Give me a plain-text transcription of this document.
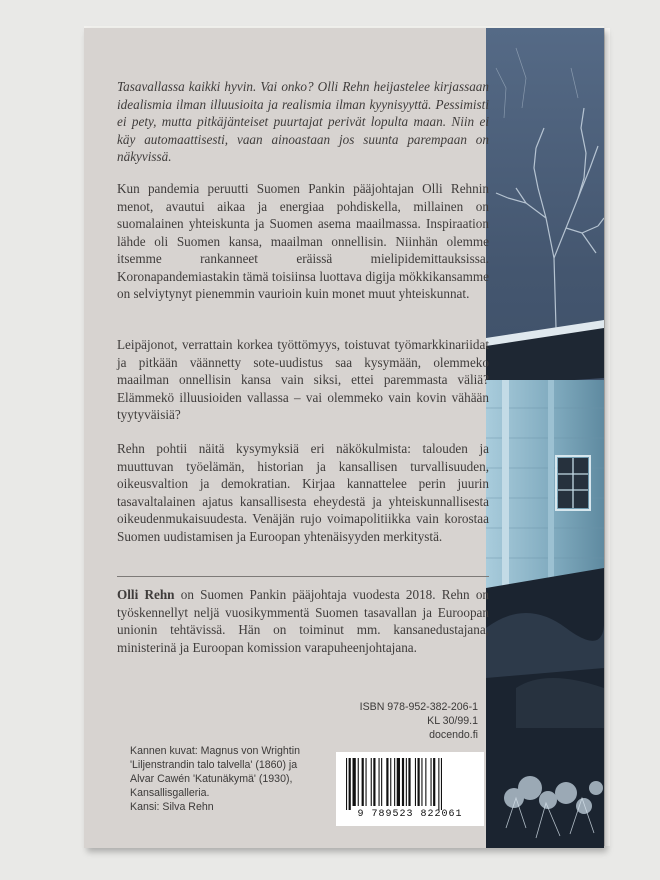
Tasavallassa kaikki hyvin. Vai onko? Olli Rehn heijastelee kirjassaan idealismia ilman illuusioita ja realismia ilman kyynisyyttä. Pessimisti ei pety, mutta pitkäjänteiset puurtajat perivät lopulta maan. Niin ei käy automaattisesti, vaan ainoastaan jos suunta parempaan on näkyvissä.
Kun pandemia peruutti Suomen Pankin pääjohtajan Olli Rehnin menot, avautui aikaa ja energiaa pohdiskella, millainen on suomalainen yhteiskunta ja Suomen asema maailmassa. Inspiraation lähde oli Suomen kansa, maailman onnellisin. Niinhän olemme itsemme rankanneet eräissä mielipidemittauksissa. Koronapandemiastakin tämä toisiinsa luottava digija mökkikansamme on selviytynyt pienemmin vaurioin kuin monet muut yhteiskunnat.
Leipäjonot, verrattain korkea työttömyys, toistuvat työmarkkinariidat ja pitkään väännetty sote-uudistus saa kysymään, olemmeko maailman onnellisin kansa vain siksi, ettei paremmasta väliä? Elämmekö illuusioiden vallassa – vai olemmeko vain kovin vähään tyytyväisiä?
Rehn pohtii näitä kysymyksiä eri näkökulmista: talouden ja muuttuvan työelämän, historian ja kansallisen turvallisuuden, oikeusvaltion ja demokratian. Kirjaa kannattelee perin juurin tasavaltalainen ajatus kansallisesta eheydestä ja yhteiskunnallisesta oikeudenmukaisuudesta. Venäjän rujo voimapolitiikka vain korostaa Suomen uudistamisen ja Euroopan yhtenäisyyden merkitystä.
Olli Rehn on Suomen Pankin pääjohtaja vuodesta 2018. Rehn on työskennellyt neljä vuosikymmentä Suomen tasavallan ja Euroopan unionin tehtävissä. Hän on toiminut mm. kansanedustajana, ministerinä ja Euroopan komission varapuheenjohtajana.
ISBN 978-952-382-206-1
KL 30/99.1
docendo.fi
Kannen kuvat: Magnus von Wrightin
'Liljenstrandin talo talvella' (1860) ja
Alvar Cawén 'Katunäkymä' (1930),
Kansallisgalleria.
Kansi: Silva Rehn
9 789523 822061
